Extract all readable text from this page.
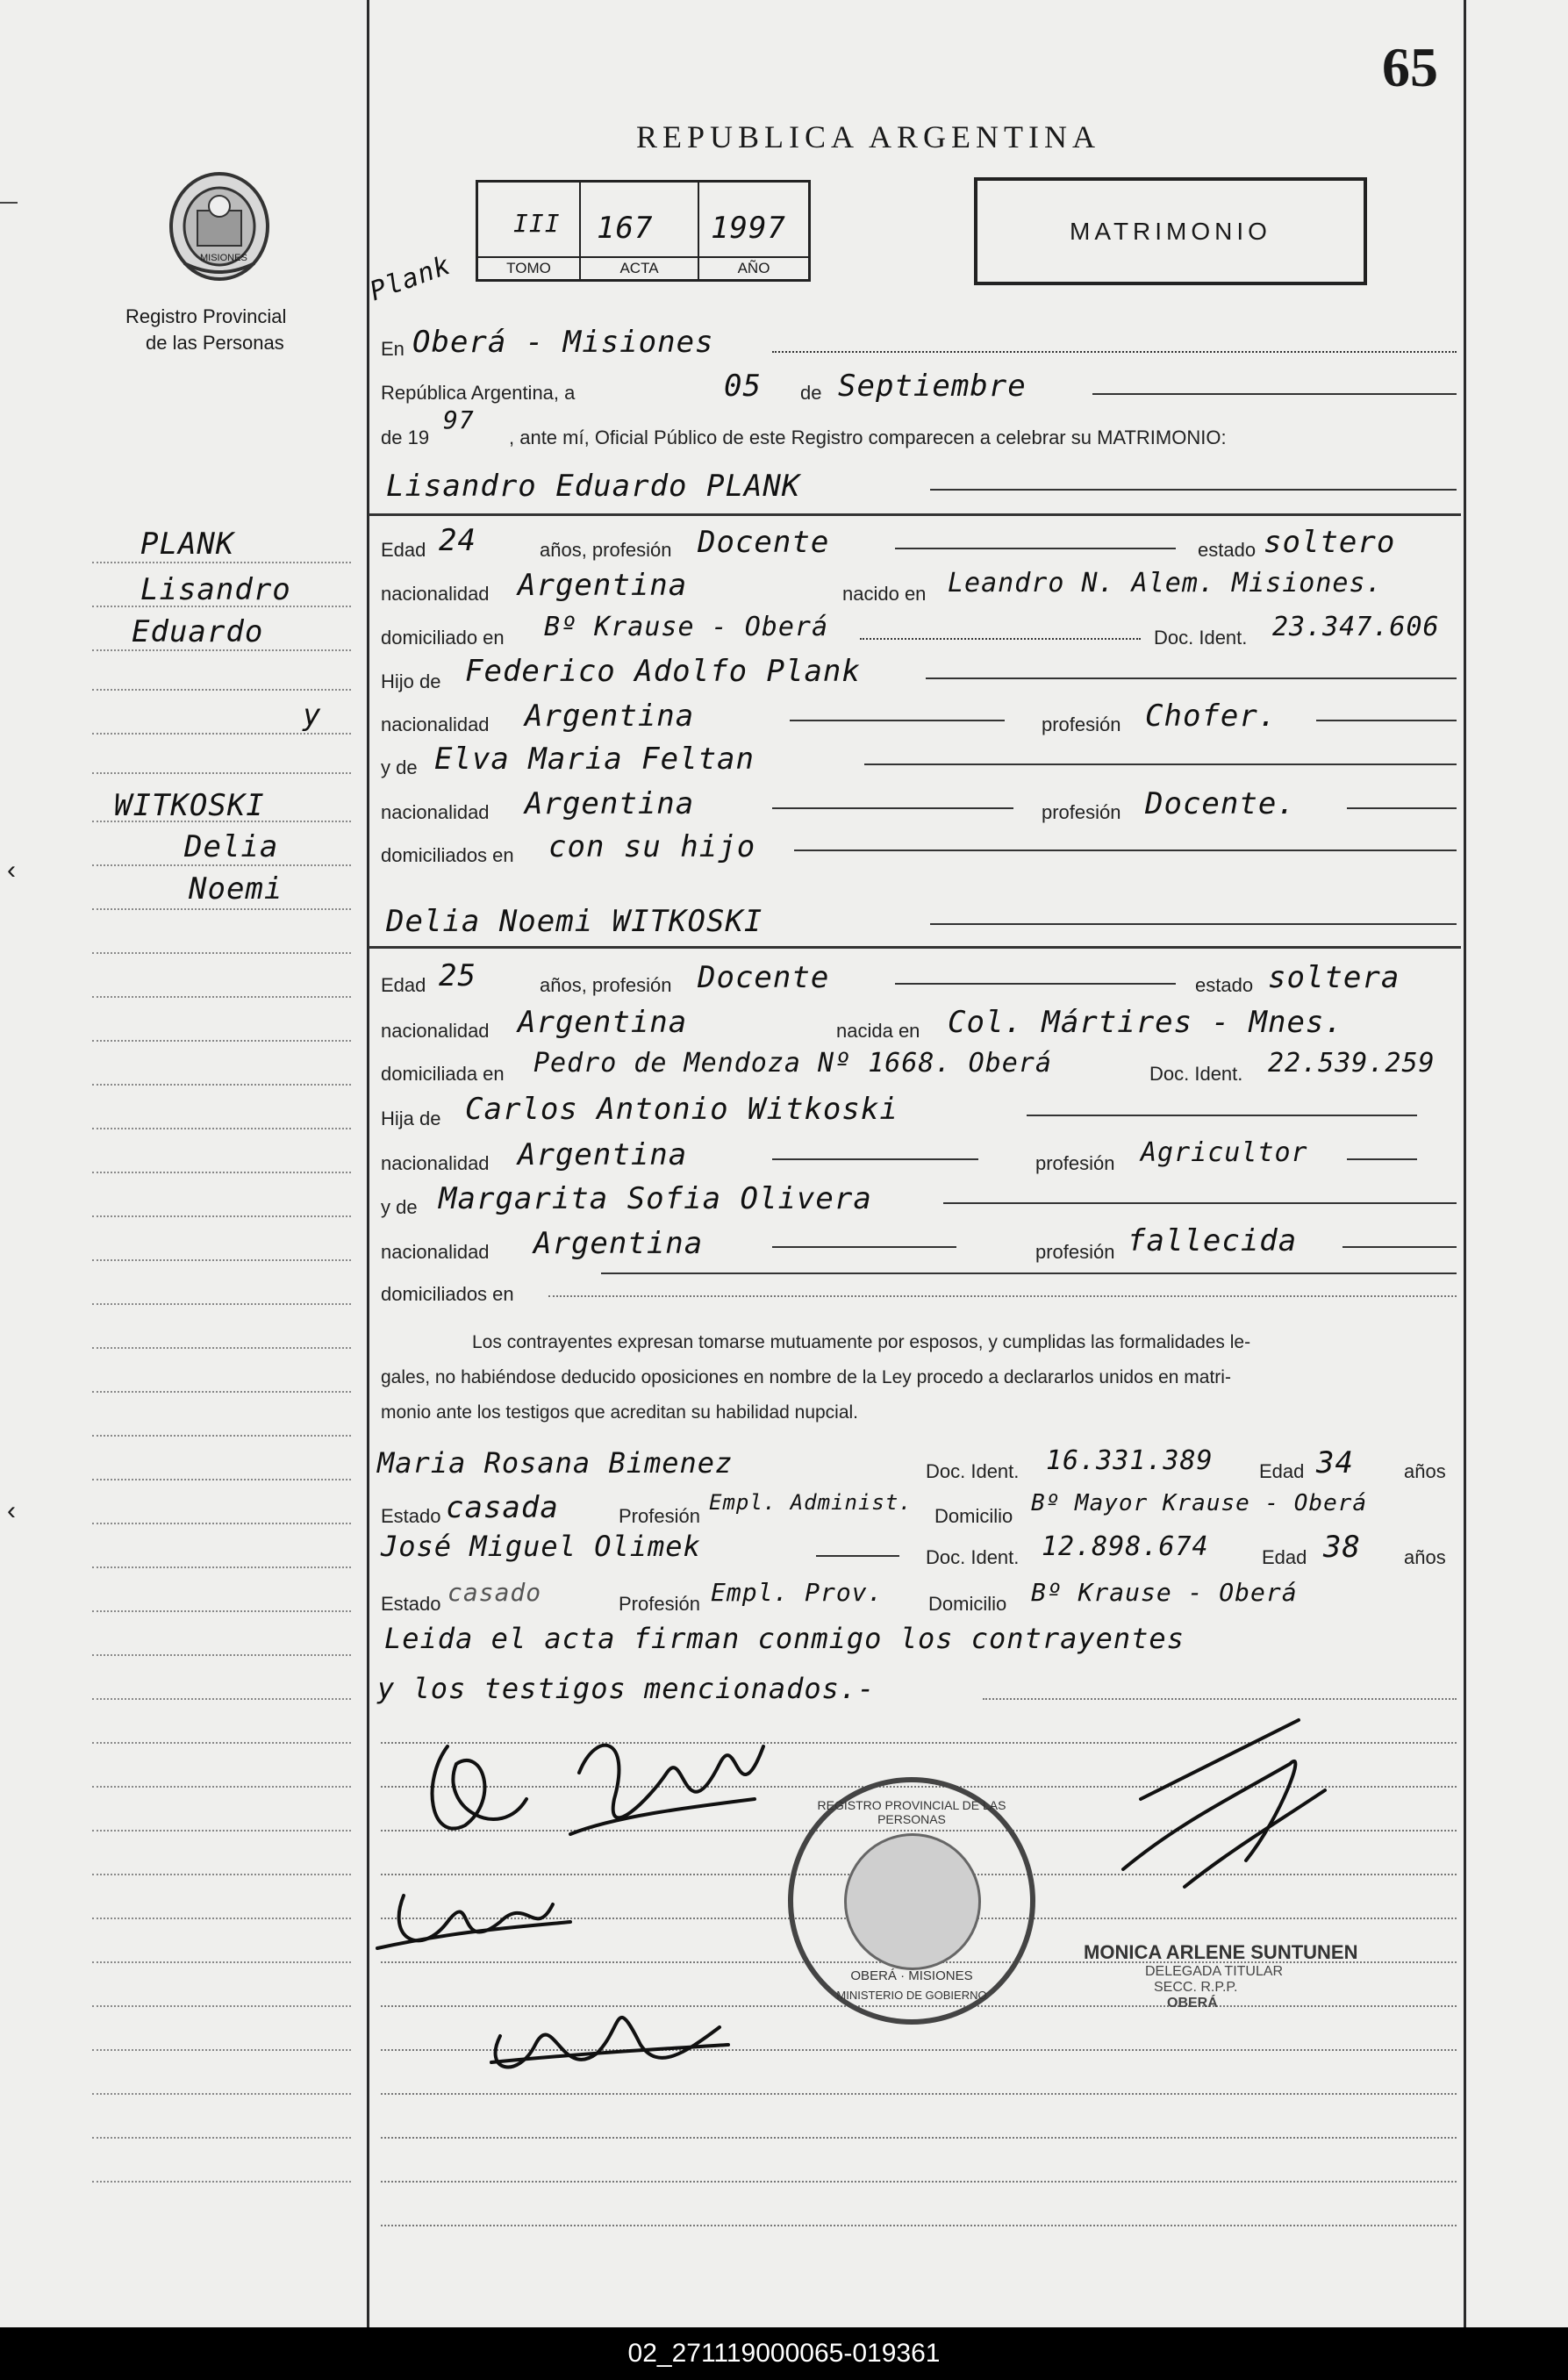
65
REPUBLICA ARGENTINA
MISIONES
Registro Provincial
de las Personas
III 167 1997
TOMO	ACTA	AÑO
Plank
MATRIMONIO
PLANK
Lisandro
Eduardo
y
WITKOSKI
Delia
Noemi
En Oberá - Misiones
República Argentina, a	05 de Septiembre
de 19
97
, ante mí, Oficial Público de este Registro comparecen a celebrar su MATRIMONIO:
Lisandro Eduardo PLANK
Edad 24	años, profesión Docente	estado soltero
nacionalidad Argentina	nacido en Leandro N. Alem. Misiones.
domiciliado en Bº Krause - Oberá	Doc. Ident. 23.347.606
Hijo de Federico Adolfo Plank
nacionalidad Argentina	profesión Chofer.
y de Elva Maria Feltan
nacionalidad Argentina	profesión Docente.
domiciliados en con su hijo
Delia Noemi WITKOSKI
Edad 25	años, profesión Docente	estado soltera
nacionalidad Argentina	nacida en Col. Mártires - Mnes.
domiciliada en Pedro de Mendoza Nº 1668. Oberá	Doc. Ident. 22.539.259
Hija de Carlos Antonio Witkoski
nacionalidad Argentina	profesión Agricultor
y de Margarita Sofia Olivera
nacionalidad Argentina	profesión fallecida
domiciliados en
Los contrayentes expresan tomarse mutuamente por esposos, y cumplidas las formalidades le-
gales, no habiéndose deducido oposiciones en nombre de la Ley procedo a declararlos unidos en matri-
monio ante los testigos que acreditan su habilidad nupcial.
Maria Rosana Bimenez	Doc. Ident. 16.331.389 Edad 34	años
Estado casada	Profesión
Empl. Administ.
Domicilio Bº Mayor Krause - Oberá
José Miguel Olimek	Doc. Ident. 12.898.674	Edad 38 años
Estado casado	Profesión Empl. Prov. Domicilio Bº Krause - Oberá
Leida el acta firman conmigo los contrayentes
y los testigos mencionados.-
REGISTRO PROVINCIAL DE LAS PERSONAS
OBERÁ · MISIONES
MINISTERIO DE GOBIERNO
MONICA ARLENE SUNTUNEN
DELEGADA TITULAR
SECC. R.P.P.
OBERÁ
‹
‹
02_271119000065-019361
